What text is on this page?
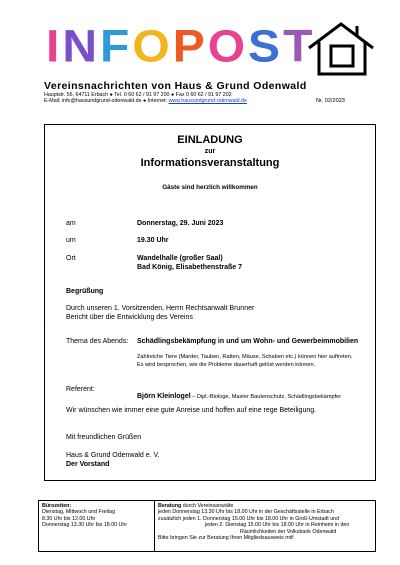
INFOPOST
Vereinsnachrichten von Haus & Grund Odenwald
Hauptstr. 56, 64711 Erbach ● Tel. 0 60 62 / 91 97 200 ● Fax 0 60 62 / 91 97 202
E-Mail: info@hausundgrund-odenwald.de ● Internet: www.hausundgrund-odenwald.de	Nr. 02/2023
EINLADUNG
zur
Informationsveranstaltung
Gäste sind herzlich willkommen
am	Donnerstag, 29. Juni 2023
um	19.30 Uhr
Ort	Wandelhalle (großer Saal)
Bad König, Elisabethenstraße 7
Begrüßung
Durch unseren 1. Vorsitzenden, Herrn Rechtsanwalt Brunner
Bericht über die Entwicklung des Vereins
·
Thema des Abends: Schädlingsbekämpfung in und um Wohn- und Gewerbeimmobilien
Zahlreiche Tiere (Marder, Tauben, Ratten, Mäuse, Schaben etc.) können hier auftreten.
Es wird besprochen, wie die Probleme dauerhaft gelöst werden können.
Referent:
Björn Kleinlogel – Dipl.-Biologe, Master Bautenschutz, Schädlingsbekämpfer
Wir wünschen wie immer eine gute Anreise und hoffen auf eine rege Beteiligung.
Mit freundlichen Grüßen
Haus & Grund Odenwald e. V.
Der Vorstand
Bürozeiten:
Dienstag, Mittwoch und Freitag
8.30 Uhr bis 12.00 Uhr
Donnerstag 13.30 Uhr bis 18.00 Uhr
Beratung durch Vereinsanwälte
jeden Donnerstag 13.30 Uhr bis 18.00 Uhr in der Geschäftsstelle in Erbach
zusätzlich jeden 1. Donnerstag 15.00 Uhr bis 18.00 Uhr in Groß-Umstadt und
jeden 2. Dienstag 15.00 Uhr bis 18.00 Uhr in Reinheim in den
Räumlichkeiten der Volksbank Odenwald
Bitte bringen Sie zur Beratung Ihren Mitgliedsausweis mit!
